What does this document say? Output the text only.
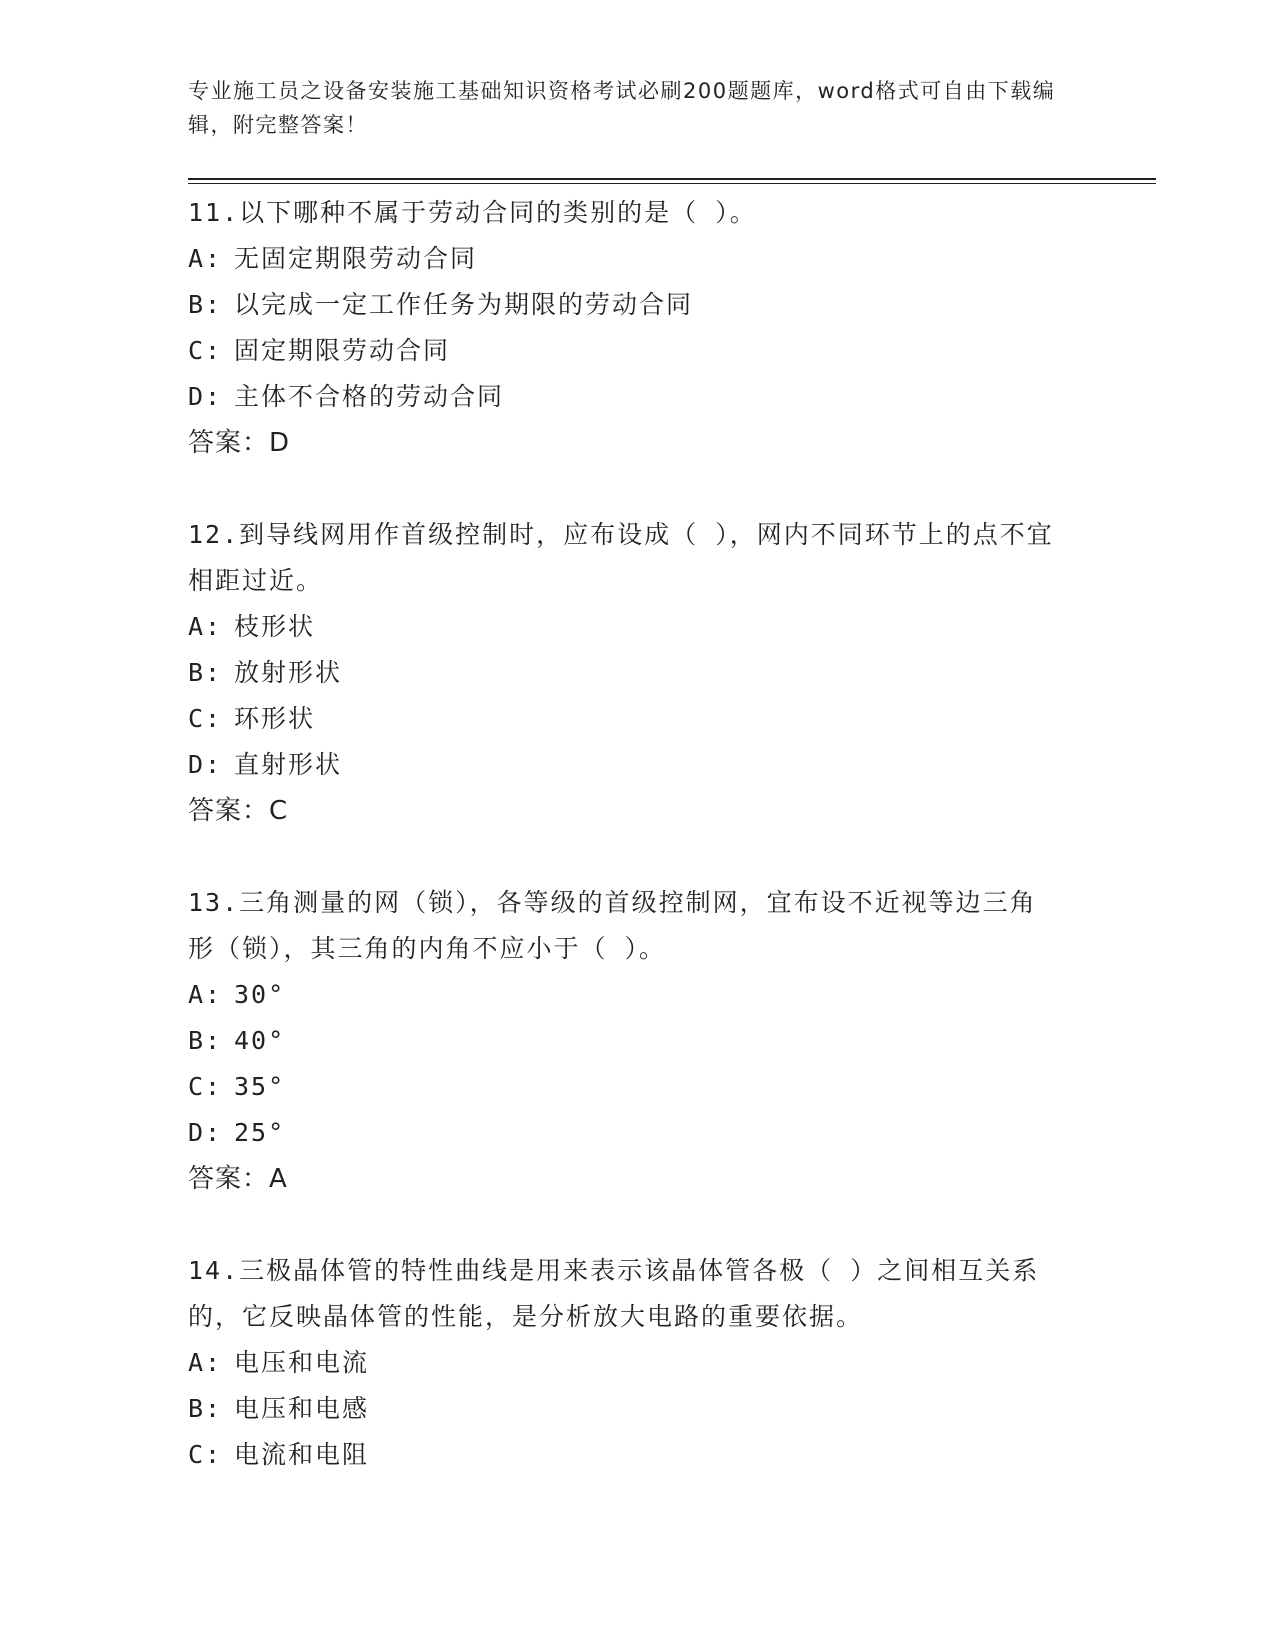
专业施工员之设备安装施工基础知识资格考试必刷200题题库，word格式可自由下载编辑，附完整答案！
11.以下哪种不属于劳动合同的类别的是（ ）。
A: 无固定期限劳动合同
B: 以完成一定工作任务为期限的劳动合同
C: 固定期限劳动合同
D: 主体不合格的劳动合同
答案：D
12.到导线网用作首级控制时，应布设成（ ），网内不同环节上的点不宜相距过近。
A: 枝形状
B: 放射形状
C: 环形状
D: 直射形状
答案：C
13.三角测量的网（锁），各等级的首级控制网，宜布设不近视等边三角形（锁），其三角的内角不应小于（ ）。
A: 30°
B: 40°
C: 35°
D: 25°
答案：A
14.三极晶体管的特性曲线是用来表示该晶体管各极（ ）之间相互关系的，它反映晶体管的性能，是分析放大电路的重要依据。
A: 电压和电流
B: 电压和电感
C: 电流和电阻
